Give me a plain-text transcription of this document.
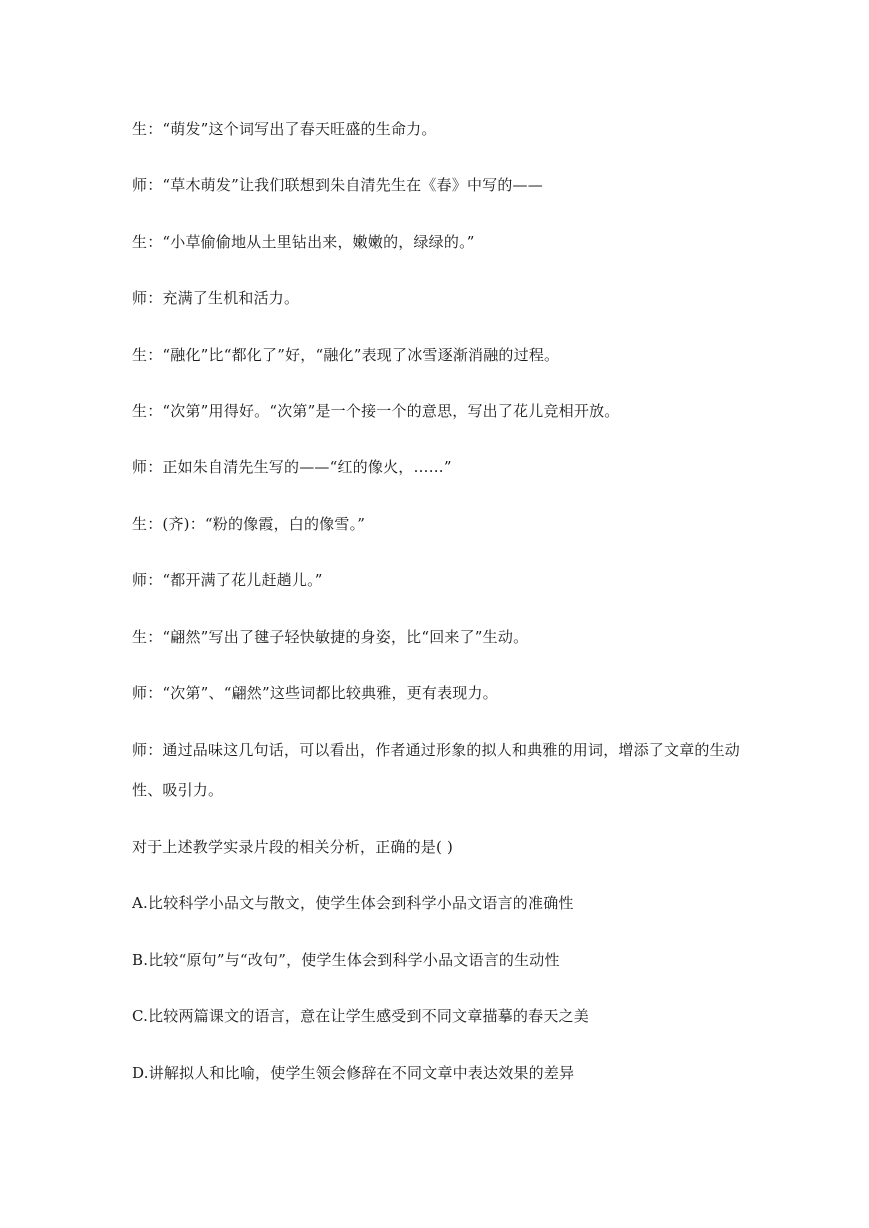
生：“萌发”这个词写出了春天旺盛的生命力。
师：“草木萌发”让我们联想到朱自清先生在《春》中写的——
生：“小草偷偷地从土里钻出来，嫩嫩的，绿绿的。”
师：充满了生机和活力。
生：“融化”比“都化了”好，“融化”表现了冰雪逐渐消融的过程。
生：“次第”用得好。“次第”是一个接一个的意思，写出了花儿竞相开放。
师：正如朱自清先生写的——“红的像火，……”
生：(齐)：“粉的像霞，白的像雪。”
师：“都开满了花儿赶趟儿。”
生：“翩然”写出了毽子轻快敏捷的身姿，比“回来了”生动。
师：“次第”、“翩然”这些词都比较典雅，更有表现力。
师：通过品味这几句话，可以看出，作者通过形象的拟人和典雅的用词，增添了文章的生动
性、吸引力。
对于上述教学实录片段的相关分析，正确的是( )
A.比较科学小品文与散文，使学生体会到科学小品文语言的准确性
B.比较“原句”与“改句”，使学生体会到科学小品文语言的生动性
C.比较两篇课文的语言，意在让学生感受到不同文章描摹的春天之美
D.讲解拟人和比喻，使学生领会修辞在不同文章中表达效果的差异
